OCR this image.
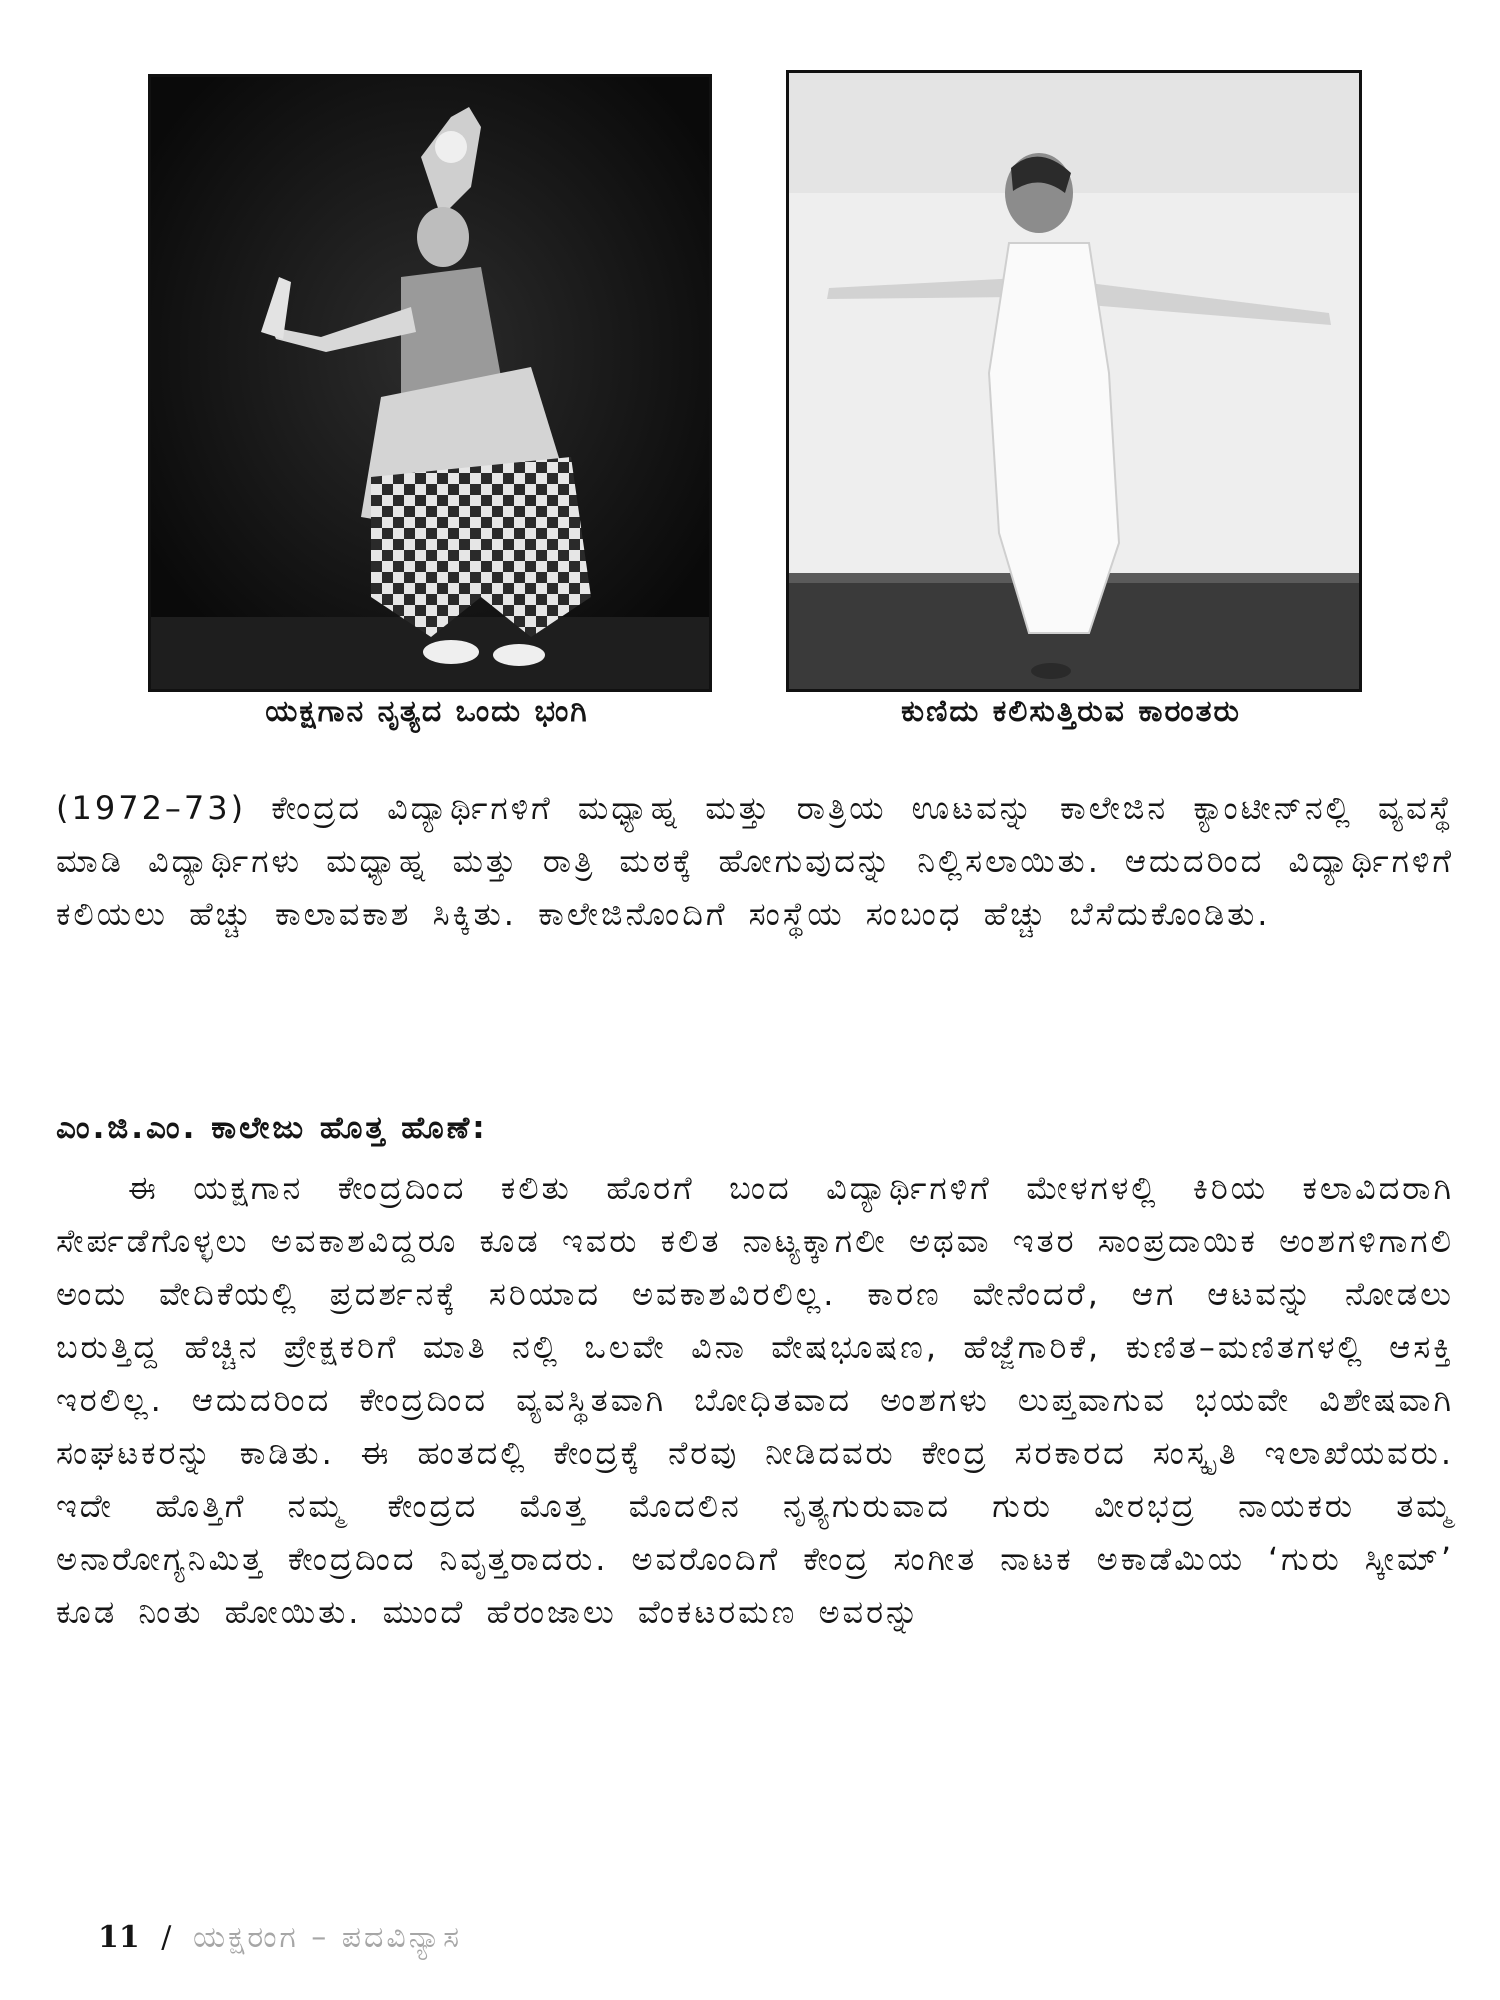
ಯಕ್ಷಗಾನ ನೃತ್ಯದ ಒಂದು ಭಂಗಿ	ಕುಣಿದು ಕಲಿಸುತ್ತಿರುವ ಕಾರಂತರು

(1972–73) ಕೇಂದ್ರದ ವಿದ್ಯಾರ್ಥಿಗಳಿಗೆ ಮಧ್ಯಾಹ್ನ ಮತ್ತು ರಾತ್ರಿಯ ಊಟವನ್ನು ಕಾಲೇಜಿನ ಕ್ಯಾಂಟೀನ್‌ನಲ್ಲಿ ವ್ಯವಸ್ಥೆ ಮಾಡಿ ವಿದ್ಯಾರ್ಥಿಗಳು ಮಧ್ಯಾಹ್ನ ಮತ್ತು ರಾತ್ರಿ ಮಠಕ್ಕೆ ಹೋಗುವುದನ್ನು ನಿಲ್ಲಿಸಲಾಯಿತು. ಆದುದರಿಂದ ವಿದ್ಯಾರ್ಥಿಗಳಿಗೆ ಕಲಿಯಲು ಹೆಚ್ಚು ಕಾಲಾವಕಾಶ ಸಿಕ್ಕಿತು. ಕಾಲೇಜಿನೊಂದಿಗೆ ಸಂಸ್ಥೆಯ ಸಂಬಂಧ ಹೆಚ್ಚು ಬೆಸೆದುಕೊಂಡಿತು.

ಎಂ.ಜಿ.ಎಂ. ಕಾಲೇಜು ಹೊತ್ತ ಹೊಣೆ:

ಈ ಯಕ್ಷಗಾನ ಕೇಂದ್ರದಿಂದ ಕಲಿತು ಹೊರಗೆ ಬಂದ ವಿದ್ಯಾರ್ಥಿಗಳಿಗೆ ಮೇಳಗಳಲ್ಲಿ ಕಿರಿಯ ಕಲಾವಿದರಾಗಿ ಸೇರ್ಪಡೆಗೊಳ್ಳಲು ಅವಕಾಶವಿದ್ದರೂ ಕೂಡ ಇವರು ಕಲಿತ ನಾಟ್ಯಕ್ಕಾಗಲೀ ಅಥವಾ ಇತರ ಸಾಂಪ್ರದಾಯಿಕ ಅಂಶಗಳಿಗಾಗಲಿ ಅಂದು ವೇದಿಕೆಯಲ್ಲಿ ಪ್ರದರ್ಶನಕ್ಕೆ ಸರಿಯಾದ ಅವಕಾಶವಿರಲಿಲ್ಲ. ಕಾರಣ ವೇನೆಂದರೆ, ಆಗ ಆಟವನ್ನು ನೋಡಲು ಬರುತ್ತಿದ್ದ ಹೆಚ್ಚಿನ ಪ್ರೇಕ್ಷಕರಿಗೆ ಮಾತಿ ನಲ್ಲಿ ಒಲವೇ ವಿನಾ ವೇಷಭೂಷಣ, ಹೆಜ್ಜೆಗಾರಿಕೆ, ಕುಣಿತ–ಮಣಿತಗಳಲ್ಲಿ ಆಸಕ್ತಿ ಇರಲಿಲ್ಲ. ಆದುದರಿಂದ ಕೇಂದ್ರದಿಂದ ವ್ಯವಸ್ಥಿತವಾಗಿ ಬೋಧಿತವಾದ ಅಂಶಗಳು ಲುಪ್ತವಾಗುವ ಭಯವೇ ವಿಶೇಷವಾಗಿ ಸಂಘಟಕರನ್ನು ಕಾಡಿತು. ಈ ಹಂತದಲ್ಲಿ ಕೇಂದ್ರಕ್ಕೆ ನೆರವು ನೀಡಿದವರು ಕೇಂದ್ರ ಸರಕಾರದ ಸಂಸ್ಕೃತಿ ಇಲಾಖೆಯವರು. ಇದೇ ಹೊತ್ತಿಗೆ ನಮ್ಮ ಕೇಂದ್ರದ ಮೊತ್ತ ಮೊದಲಿನ ನೃತ್ಯಗುರುವಾದ ಗುರು ವೀರಭದ್ರ ನಾಯಕರು ತಮ್ಮ ಅನಾರೋಗ್ಯನಿಮಿತ್ತ ಕೇಂದ್ರದಿಂದ ನಿವೃತ್ತರಾದರು. ಅವರೊಂದಿಗೆ ಕೇಂದ್ರ ಸಂಗೀತ ನಾಟಕ ಅಕಾಡೆಮಿಯ ‘ಗುರು ಸ್ಕೀಮ್’ ಕೂಡ ನಿಂತು ಹೋಯಿತು. ಮುಂದೆ ಹೆರಂಜಾಲು ವೆಂಕಟರಮಣ ಅವರನ್ನು

11 / ಯಕ್ಷರಂಗ – ಪದವಿನ್ಯಾಸ
